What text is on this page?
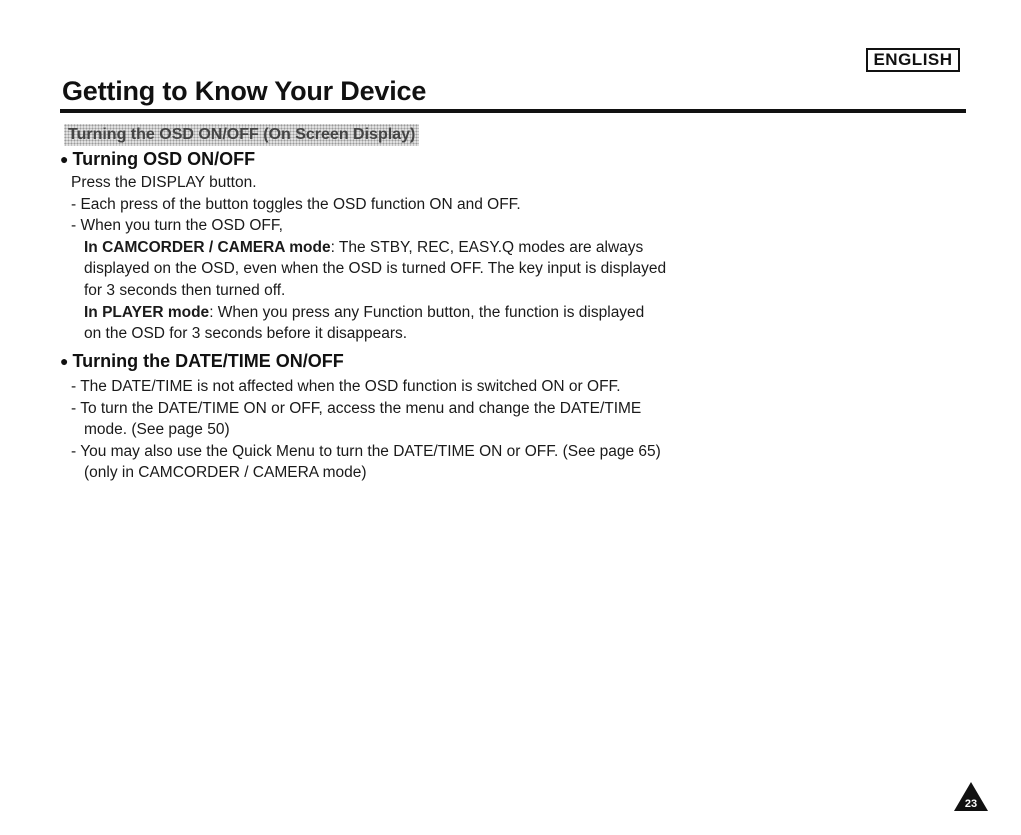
ENGLISH
Getting to Know Your Device
Turning the OSD ON/OFF (On Screen Display)
● Turning OSD ON/OFF
Press the DISPLAY button.
- Each press of the button toggles the OSD function ON and OFF.
- When you turn the OSD OFF,
In CAMCORDER / CAMERA mode: The STBY, REC, EASY.Q modes are always
displayed on the OSD, even when the OSD is turned OFF. The key input is displayed
for 3 seconds then turned off.
In PLAYER mode: When you press any Function button, the function is displayed
on the OSD for 3 seconds before it disappears.
● Turning the DATE/TIME ON/OFF
- The DATE/TIME is not affected when the OSD function is switched ON or OFF.
- To turn the DATE/TIME ON or OFF, access the menu and change the DATE/TIME
mode. (See page 50)
- You may also use the Quick Menu to turn the DATE/TIME ON or OFF. (See page 65)
(only in CAMCORDER / CAMERA mode)
23
